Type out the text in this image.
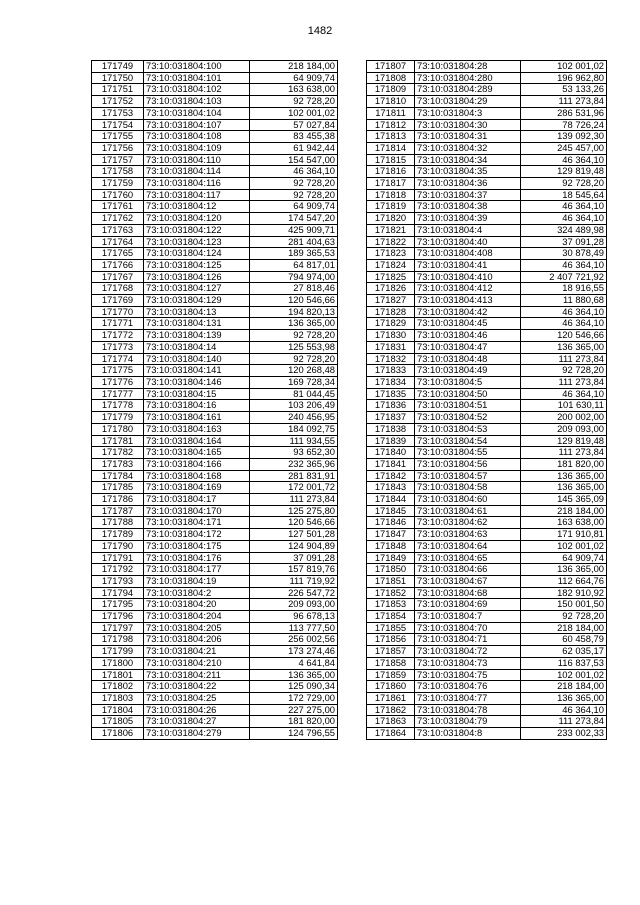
1482
171749	73:10:031804:100	218 184,00
171750	73:10:031804:101	64 909,74
171751	73:10:031804:102	163 638,00
171752	73:10:031804:103	92 728,20
171753	73:10:031804:104	102 001,02
171754	73:10:031804:107	57 027,84
171755	73:10:031804:108	83 455,38
171756	73:10:031804:109	61 942,44
171757	73:10:031804:110	154 547,00
171758	73:10:031804:114	46 364,10
171759	73:10:031804:116	92 728,20
171760	73:10:031804:117	92 728,20
171761	73:10:031804:12	64 909,74
171762	73:10:031804:120	174 547,20
171763	73:10:031804:122	425 909,71
171764	73:10:031804:123	281 404,63
171765	73:10:031804:124	189 365,53
171766	73:10:031804:125	64 817,01
171767	73:10:031804:126	794 974,00
171768	73:10:031804:127	27 818,46
171769	73:10:031804:129	120 546,66
171770	73:10:031804:13	194 820,13
171771	73:10:031804:131	136 365,00
171772	73:10:031804:139	92 728,20
171773	73:10:031804:14	125 553,98
171774	73:10:031804:140	92 728,20
171775	73:10:031804:141	120 268,48
171776	73:10:031804:146	169 728,34
171777	73:10:031804:15	81 044,45
171778	73:10:031804:16	103 206,49
171779	73:10:031804:161	240 456,95
171780	73:10:031804:163	184 092,75
171781	73:10:031804:164	111 934,55
171782	73:10:031804:165	93 652,30
171783	73:10:031804:166	232 365,96
171784	73:10:031804:168	281 831,91
171785	73:10:031804:169	172 001,72
171786	73:10:031804:17	111 273,84
171787	73:10:031804:170	125 275,80
171788	73:10:031804:171	120 546,66
171789	73:10:031804:172	127 501,28
171790	73:10:031804:175	124 904,89
171791	73:10:031804:176	37 091,28
171792	73:10:031804:177	157 819,76
171793	73:10:031804:19	111 719,92
171794	73:10:031804:2	226 547,72
171795	73:10:031804:20	209 093,00
171796	73:10:031804:204	96 678,13
171797	73:10:031804:205	113 777,50
171798	73:10:031804:206	256 002,56
171799	73:10:031804:21	173 274,46
171800	73:10:031804:210	4 641,84
171801	73:10:031804:211	136 365,00
171802	73:10:031804:22	125 090,34
171803	73:10:031804:25	172 729,00
171804	73:10:031804:26	227 275,00
171805	73:10:031804:27	181 820,00
171806	73:10:031804:279	124 796,55
171807	73:10:031804:28	102 001,02
171808	73:10:031804:280	196 962,80
171809	73:10:031804:289	53 133,26
171810	73:10:031804:29	111 273,84
171811	73:10:031804:3	286 531,96
171812	73:10:031804:30	78 726,24
171813	73:10:031804:31	139 092,30
171814	73:10:031804:32	245 457,00
171815	73:10:031804:34	46 364,10
171816	73:10:031804:35	129 819,48
171817	73:10:031804:36	92 728,20
171818	73:10:031804:37	18 545,64
171819	73:10:031804:38	46 364,10
171820	73:10:031804:39	46 364,10
171821	73:10:031804:4	324 489,98
171822	73:10:031804:40	37 091,28
171823	73:10:031804:408	30 878,49
171824	73:10:031804:41	46 364,10
171825	73:10:031804:410	2 407 721,92
171826	73:10:031804:412	18 916,55
171827	73:10:031804:413	11 880,68
171828	73:10:031804:42	46 364,10
171829	73:10:031804:45	46 364,10
171830	73:10:031804:46	120 546,66
171831	73:10:031804:47	136 365,00
171832	73:10:031804:48	111 273,84
171833	73:10:031804:49	92 728,20
171834	73:10:031804:5	111 273,84
171835	73:10:031804:50	46 364,10
171836	73:10:031804:51	101 630,11
171837	73:10:031804:52	200 002,00
171838	73:10:031804:53	209 093,00
171839	73:10:031804:54	129 819,48
171840	73:10:031804:55	111 273,84
171841	73:10:031804:56	181 820,00
171842	73:10:031804:57	136 365,00
171843	73:10:031804:58	136 365,00
171844	73:10:031804:60	145 365,09
171845	73:10:031804:61	218 184,00
171846	73:10:031804:62	163 638,00
171847	73:10:031804:63	171 910,81
171848	73:10:031804:64	102 001,02
171849	73:10:031804:65	64 909,74
171850	73:10:031804:66	136 365,00
171851	73:10:031804:67	112 664,76
171852	73:10:031804:68	182 910,92
171853	73:10:031804:69	150 001,50
171854	73:10:031804:7	92 728,20
171855	73:10:031804:70	218 184,00
171856	73:10:031804:71	60 458,79
171857	73:10:031804:72	62 035,17
171858	73:10:031804:73	116 837,53
171859	73:10:031804:75	102 001,02
171860	73:10:031804:76	218 184,00
171861	73:10:031804:77	136 365,00
171862	73:10:031804:78	46 364,10
171863	73:10:031804:79	111 273,84
171864	73:10:031804:8	233 002,33
